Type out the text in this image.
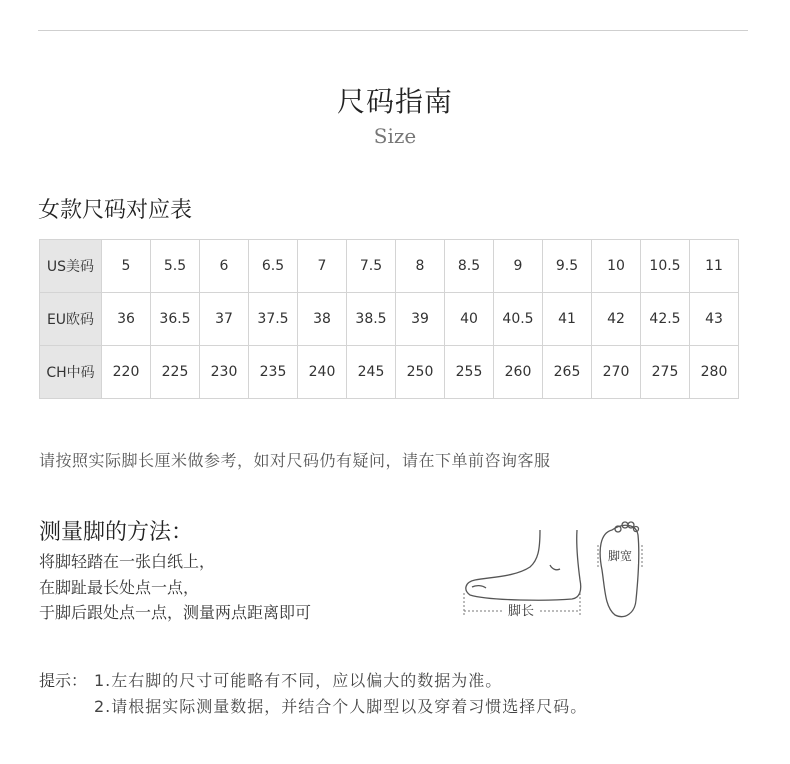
尺码指南
Size
女款尺码对应表
US美码	5	5.5	6	6.5	7	7.5	8	8.5	9	9.5	10	10.5	11
EU欧码	36	36.5	37	37.5	38	38.5	39	40	40.5	41	42	42.5	43
CH中码	220	225	230	235	240	245	250	255	260	265	270	275	280
请按照实际脚长厘米做参考，如对尺码仍有疑问，请在下单前咨询客服
测量脚的方法：
将脚轻踏在一张白纸上，
在脚趾最长处点一点，
于脚后跟处点一点，测量两点距离即可	脚长
脚宽
提示： 1.左右脚的尺寸可能略有不同，应以偏大的数据为准。
2.请根据实际测量数据，并结合个人脚型以及穿着习惯选择尺码。
